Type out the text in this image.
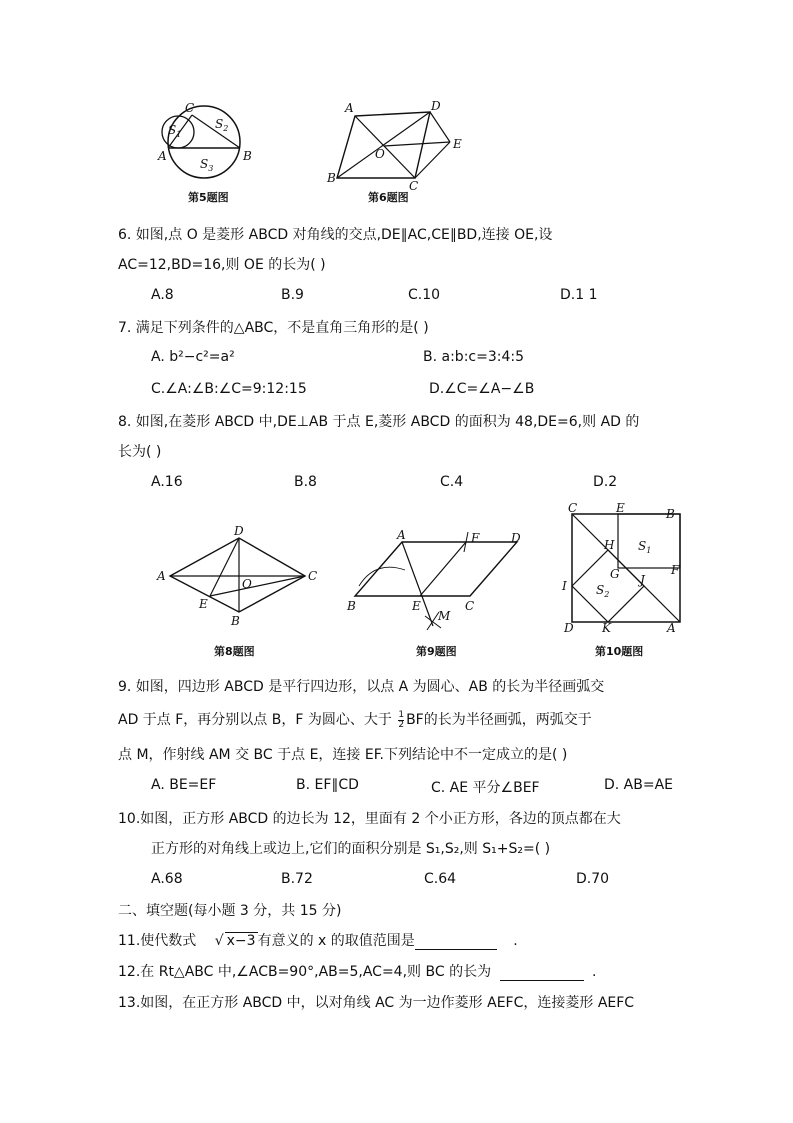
C
A	B
$S_1$
$S_2$
$S_3$
第5题图
A	D
E
O
B
C
第6题图
6. 如图,点 O 是菱形 ABCD 对角线的交点,DE∥AC,CE∥BD,连接 OE,设
AC=12,BD=16,则 OE 的长为( )
A.8	B.9	C.10	D.1 1
7. 满足下列条件的△ABC，不是直角三角形的是( )
A. b²−c²=a²	B. a:b:c=3:4:5
C.∠A:∠B:∠C=9:12:15	D.∠C=∠A−∠B
8. 如图,在菱形 ABCD 中,DE⊥AB 于点 E,菱形 ABCD 的面积为 48,DE=6,则 AD 的
长为( )
A.16	B.8	C.4	D.2
D
A	C
O
E
B
第8题图
A	F	D
B	E	C
M
第9题图
C	E	B
H $S_1$
F
G J
I $S_2$
D K	A
第10题图
9. 如图，四边形 ABCD 是平行四边形，以点 A 为圆心、AB 的长为半径画弧交
AD 于点 F，再分别以点 B，F 为圆心、大于 $\frac{1}{2}$ BF的长为半径画弧，两弧交于
点 M，作射线 AM 交 BC 于点 E，连接 EF.下列结论中不一定成立的是( )
A. BE=EF	B. EF∥CD	C. AE 平分∠BEF	D. AB=AE
10.如图，正方形 ABCD 的边长为 12，里面有 2 个小正方形，各边的顶点都在大
正方形的对角线上或边上,它们的面积分别是 S₁,S₂,则 S₁+S₂=( )
A.68	B.72	C.64	D.70
二、填空题(每小题 3 分，共 15 分)
11.使代数式 √ x−3 有意义的 x 的取值范围是	.
12.在 Rt△ABC 中,∠ACB=90°,AB=5,AC=4,则 BC 的长为	.
13.如图，在正方形 ABCD 中，以对角线 AC 为一边作菱形 AEFC，连接菱形 AEFC
